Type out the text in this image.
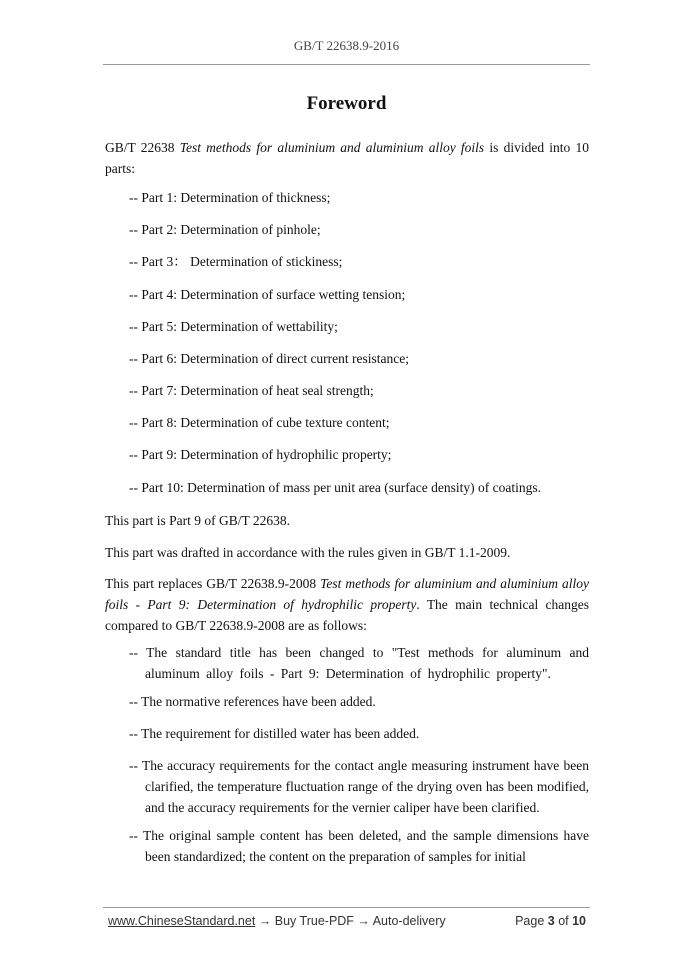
GB/T 22638.9-2016
Foreword
GB/T 22638 Test methods for aluminium and aluminium alloy foils is divided into 10 parts:
-- Part 1: Determination of thickness;
-- Part 2: Determination of pinhole;
-- Part 3： Determination of stickiness;
-- Part 4: Determination of surface wetting tension;
-- Part 5: Determination of wettability;
-- Part 6: Determination of direct current resistance;
-- Part 7: Determination of heat seal strength;
-- Part 8: Determination of cube texture content;
-- Part 9: Determination of hydrophilic property;
-- Part 10: Determination of mass per unit area (surface density) of coatings.
This part is Part 9 of GB/T 22638.
This part was drafted in accordance with the rules given in GB/T 1.1-2009.
This part replaces GB/T 22638.9-2008 Test methods for aluminium and aluminium alloy foils - Part 9: Determination of hydrophilic property. The main technical changes compared to GB/T 22638.9-2008 are as follows:
-- The standard title has been changed to "Test methods for aluminum and aluminum alloy foils - Part 9: Determination of hydrophilic property".
-- The normative references have been added.
-- The requirement for distilled water has been added.
-- The accuracy requirements for the contact angle measuring instrument have been clarified, the temperature fluctuation range of the drying oven has been modified, and the accuracy requirements for the vernier caliper have been clarified.
-- The original sample content has been deleted, and the sample dimensions have been standardized; the content on the preparation of samples for initial
www.ChineseStandard.net → Buy True-PDF → Auto-delivery	Page 3 of 10
